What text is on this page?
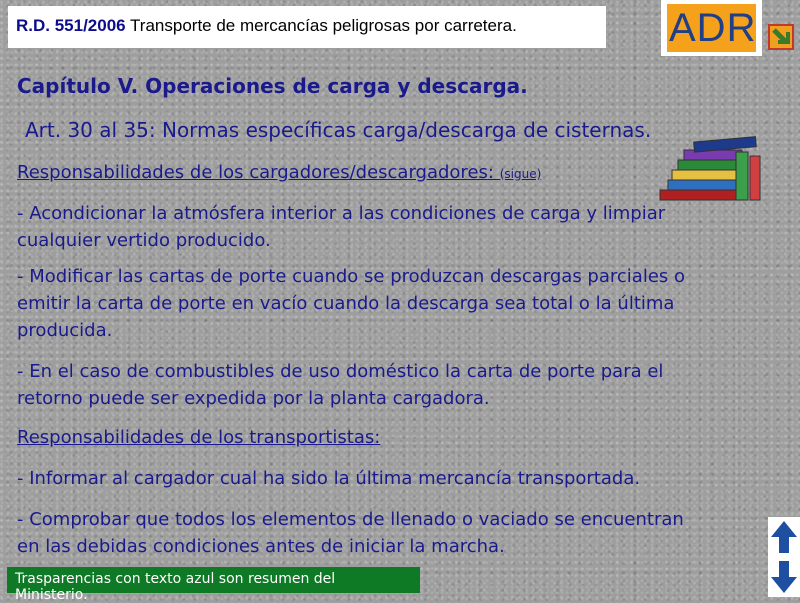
R.D. 551/2006 Transporte de mercancías peligrosas por carretera.	ADR
Capítulo V. Operaciones de carga y descarga.
Art. 30 al 35: Normas específicas carga/descarga de cisternas.
Responsabilidades de los cargadores/descargadores: (sigue)
- Acondicionar la atmósfera interior a las condiciones de carga y limpiar cualquier vertido producido.
- Modificar las cartas de porte cuando se produzcan descargas parciales o emitir la carta de porte en vacío cuando la descarga sea total o la última producida.
- En el caso de combustibles de uso doméstico la carta de porte para el retorno puede ser expedida por la planta cargadora.
Responsabilidades de los transportistas:
- Informar al cargador cual ha sido la última mercancía transportada.
- Comprobar que todos los elementos de llenado o vaciado se encuentran en las debidas condiciones antes de iniciar la marcha.
Trasparencias con texto azul son resumen del Ministerio.
